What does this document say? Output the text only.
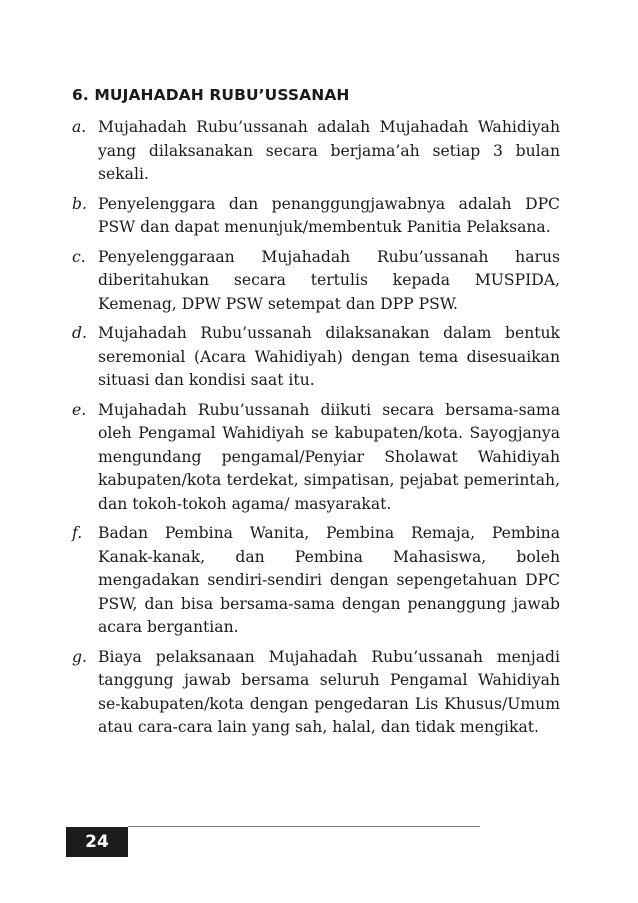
6. MUJAHADAH RUBU’USSANAH
a. Mujahadah Rubu’ussanah adalah Mujahadah Wahidiyah yang dilaksanakan secara berjama’ah setiap 3 bulan sekali.
b. Penyelenggara dan penanggungjawabnya adalah DPC PSW dan dapat menunjuk/membentuk Panitia Pelaksana.
c. Penyelenggaraan Mujahadah Rubu’ussanah harus diberitahukan secara tertulis kepada MUSPIDA, Kemenag, DPW PSW setempat dan DPP PSW.
d. Mujahadah Rubu’ussanah dilaksanakan dalam bentuk seremonial (Acara Wahidiyah) dengan tema disesuaikan situasi dan kondisi saat itu.
e. Mujahadah Rubu’ussanah diikuti secara bersama-sama oleh Pengamal Wahidiyah se kabupaten/kota. Sayogjanya mengundang pengamal/Penyiar Sholawat Wahidiyah kabupaten/kota terdekat, simpatisan, pejabat pemerintah, dan tokoh-tokoh agama/ masyarakat.
f. Badan Pembina Wanita, Pembina Remaja, Pembina Kanak-kanak, dan Pembina Mahasiswa, boleh mengadakan sendiri-sendiri dengan sepengetahuan DPC PSW, dan bisa bersama-sama dengan penanggung jawab acara bergantian.
g. Biaya pelaksanaan Mujahadah Rubu’ussanah menjadi tanggung jawab bersama seluruh Pengamal Wahidiyah se-kabupaten/kota dengan pengedaran Lis Khusus/Umum atau cara-cara lain yang sah, halal, dan tidak mengikat.
24
